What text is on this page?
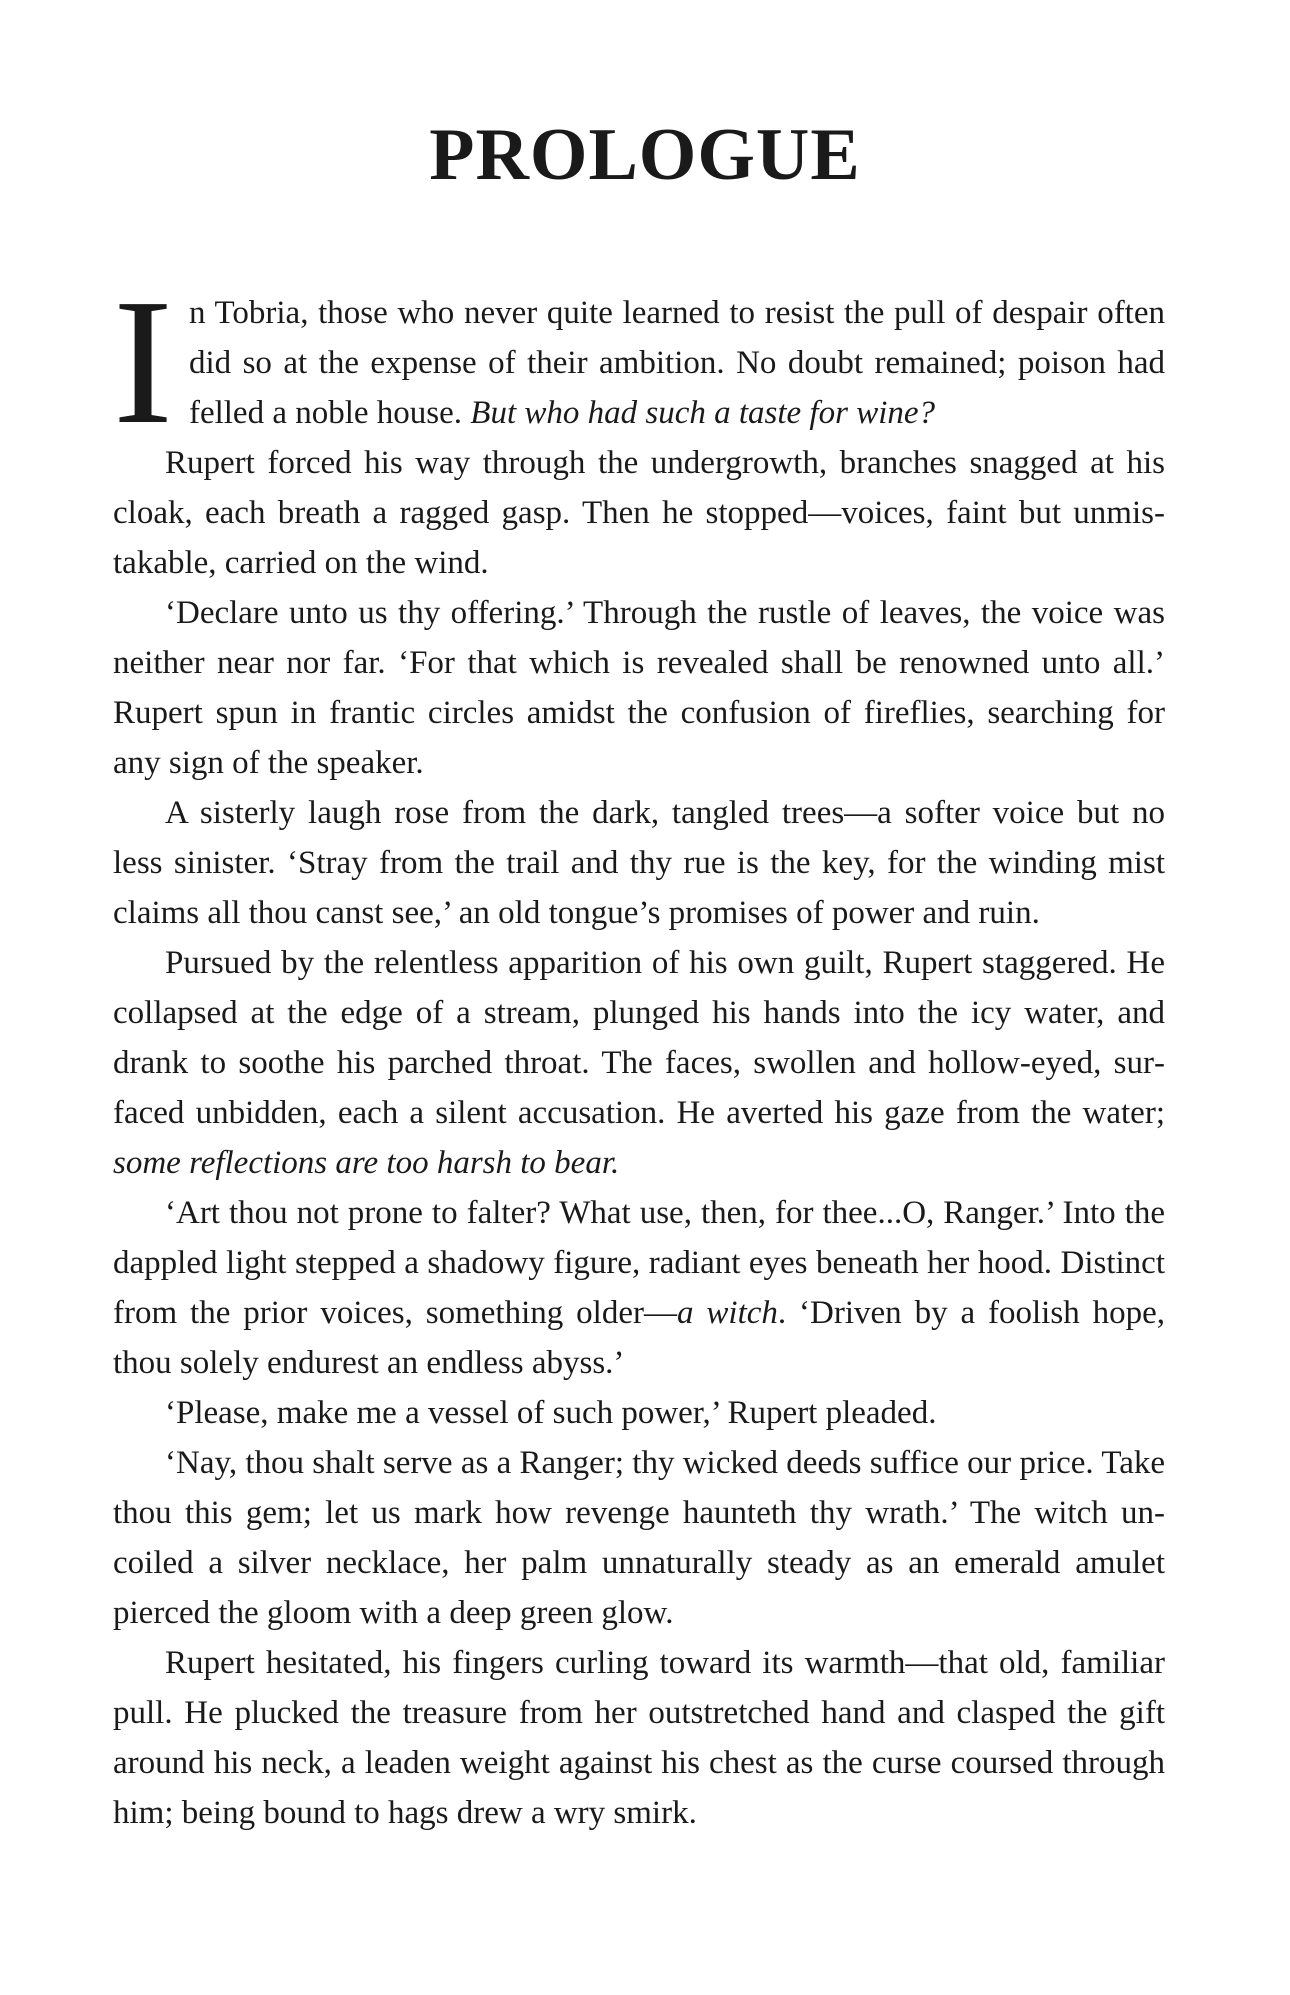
PROLOGUE

In Tobria, those who never quite learned to resist the pull of despair often did so at the expense of their ambition. No doubt remained; poison had felled a noble house. But who had such a taste for wine?

Rupert forced his way through the undergrowth, branches snagged at his cloak, each breath a ragged gasp. Then he stopped—voices, faint but unmistakable, carried on the wind.

‘Declare unto us thy offering.’ Through the rustle of leaves, the voice was neither near nor far. ‘For that which is revealed shall be renowned unto all.’ Rupert spun in frantic circles amidst the confusion of fireflies, searching for any sign of the speaker.

A sisterly laugh rose from the dark, tangled trees—a softer voice but no less sinister. ‘Stray from the trail and thy rue is the key, for the winding mist claims all thou canst see,’ an old tongue’s promises of power and ruin.

Pursued by the relentless apparition of his own guilt, Rupert staggered. He collapsed at the edge of a stream, plunged his hands into the icy water, and drank to soothe his parched throat. The faces, swollen and hollow-eyed, surfaced unbidden, each a silent accusation. He averted his gaze from the water; some reflections are too harsh to bear.

‘Art thou not prone to falter? What use, then, for thee...O, Ranger.’ Into the dappled light stepped a shadowy figure, radiant eyes beneath her hood. Distinct from the prior voices, something older—a witch. ‘Driven by a foolish hope, thou solely endurest an endless abyss.’

‘Please, make me a vessel of such power,’ Rupert pleaded.

‘Nay, thou shalt serve as a Ranger; thy wicked deeds suffice our price. Take thou this gem; let us mark how revenge haunteth thy wrath.’ The witch uncoiled a silver necklace, her palm unnaturally steady as an emerald amulet pierced the gloom with a deep green glow.

Rupert hesitated, his fingers curling toward its warmth—that old, familiar pull. He plucked the treasure from her outstretched hand and clasped the gift around his neck, a leaden weight against his chest as the curse coursed through him; being bound to hags drew a wry smirk.
